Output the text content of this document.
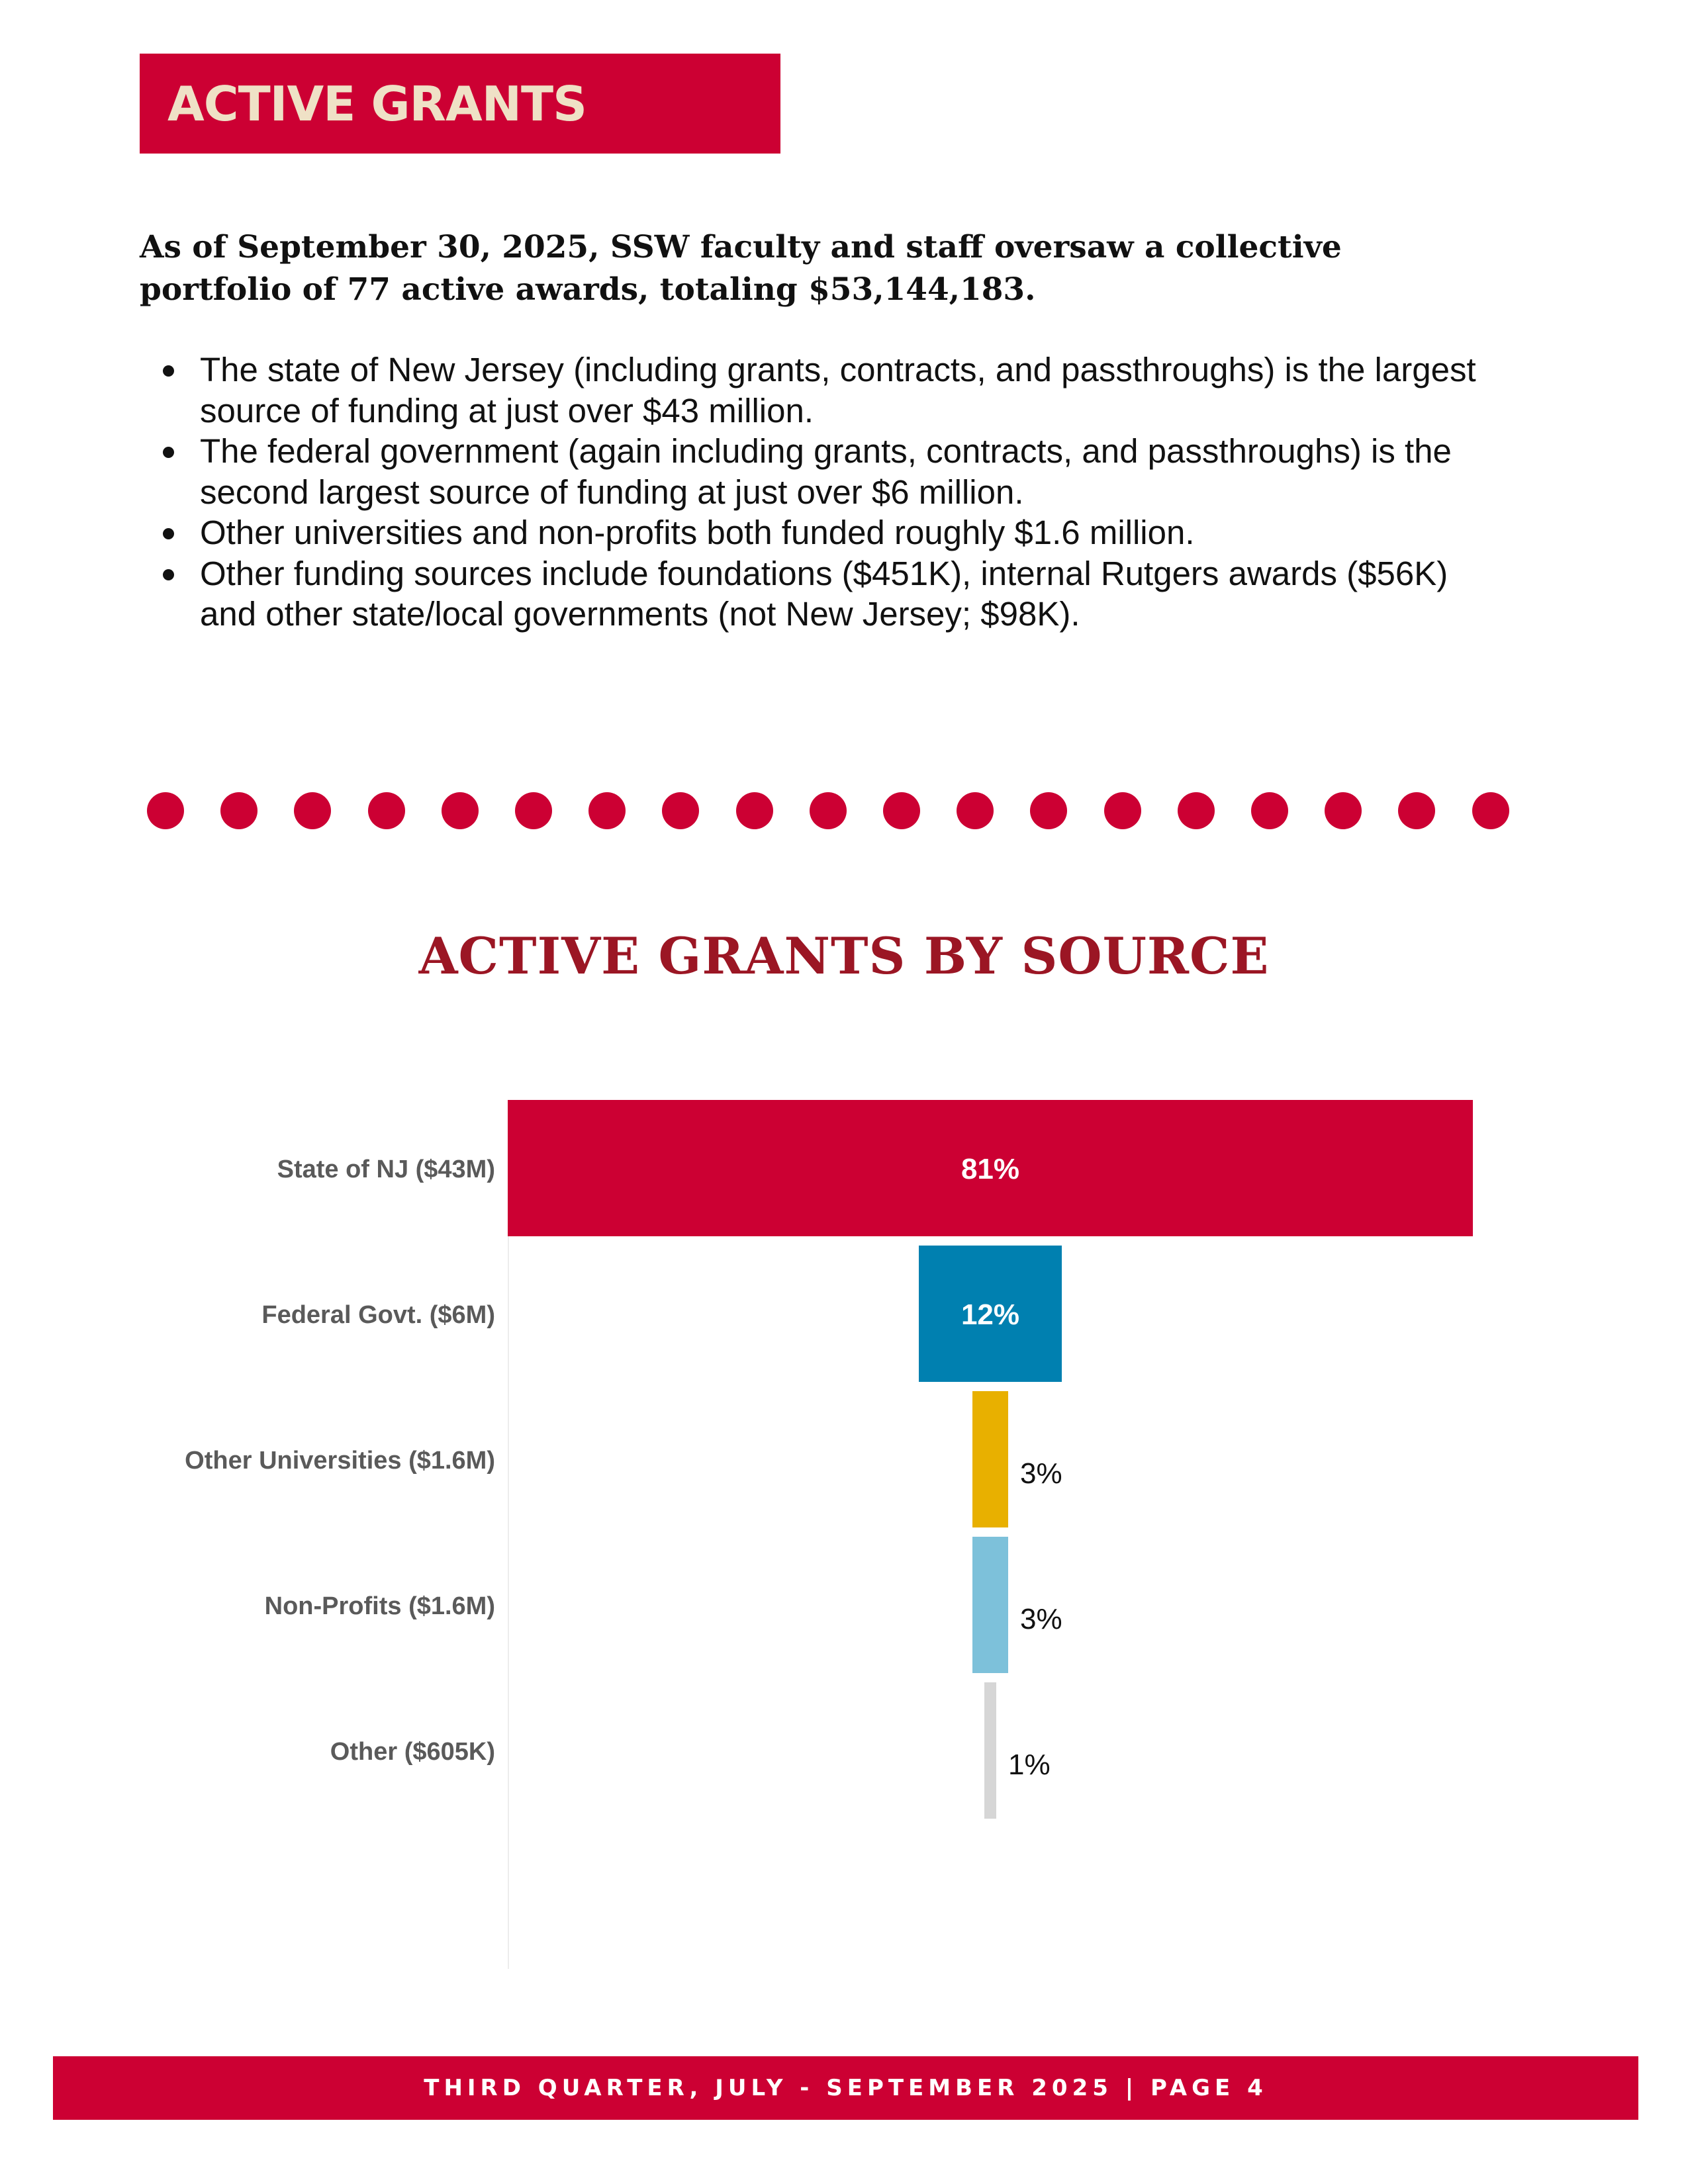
ACTIVE GRANTS

As of September 30, 2025, SSW faculty and staff oversaw a collective portfolio of 77 active awards, totaling $53,144,183.

The state of New Jersey (including grants, contracts, and passthroughs) is the largest source of funding at just over $43 million.
The federal government (again including grants, contracts, and passthroughs) is the second largest source of funding at just over $6 million.
Other universities and non-profits both funded roughly $1.6 million.
Other funding sources include foundations ($451K), internal Rutgers awards ($56K) and other state/local governments (not New Jersey; $98K).
ACTIVE GRANTS BY SOURCE
State of NJ ($43M)	81%
Federal Govt. ($6M)	12%
Other Universities ($1.6M)	3%
Non-Profits ($1.6M)	3%
Other ($605K)	1%
THIRD QUARTER, JULY - SEPTEMBER 2025 | PAGE 4
